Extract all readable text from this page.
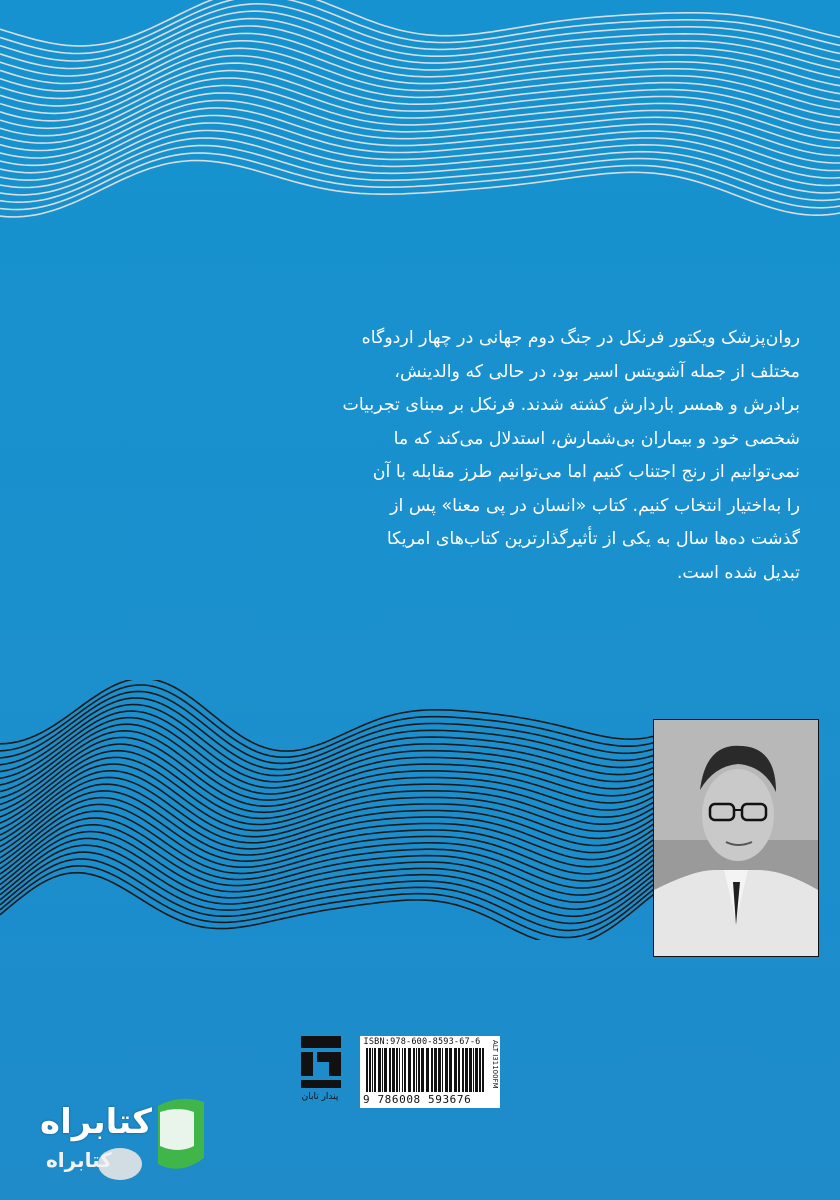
روان‌پزشک ویکتور فرنکل در جنگ دوم جهانی در چهار اردوگاه
مختلف از جمله آشویتس اسیر بود، در حالی که والدینش،
برادرش و همسر باردارش کشته شدند. فرنکل بر مبنای تجربیات
شخصی خود و بیماران بی‌شمارش، استدلال می‌کند که ما
نمی‌توانیم از رنج اجتناب کنیم اما می‌توانیم طرز مقابله با آن
را به‌اختیار انتخاب کنیم. کتاب «انسان در پی معنا» پس از
گذشت ده‌ها سال به یکی از تأثیرگذارترین کتاب‌های امریکا
تبدیل شده است.
پندار تابان
ISBN:978-600-8593-67-6
9 786008 593676
ALT I31100FM
کتابراه
کتابراه
